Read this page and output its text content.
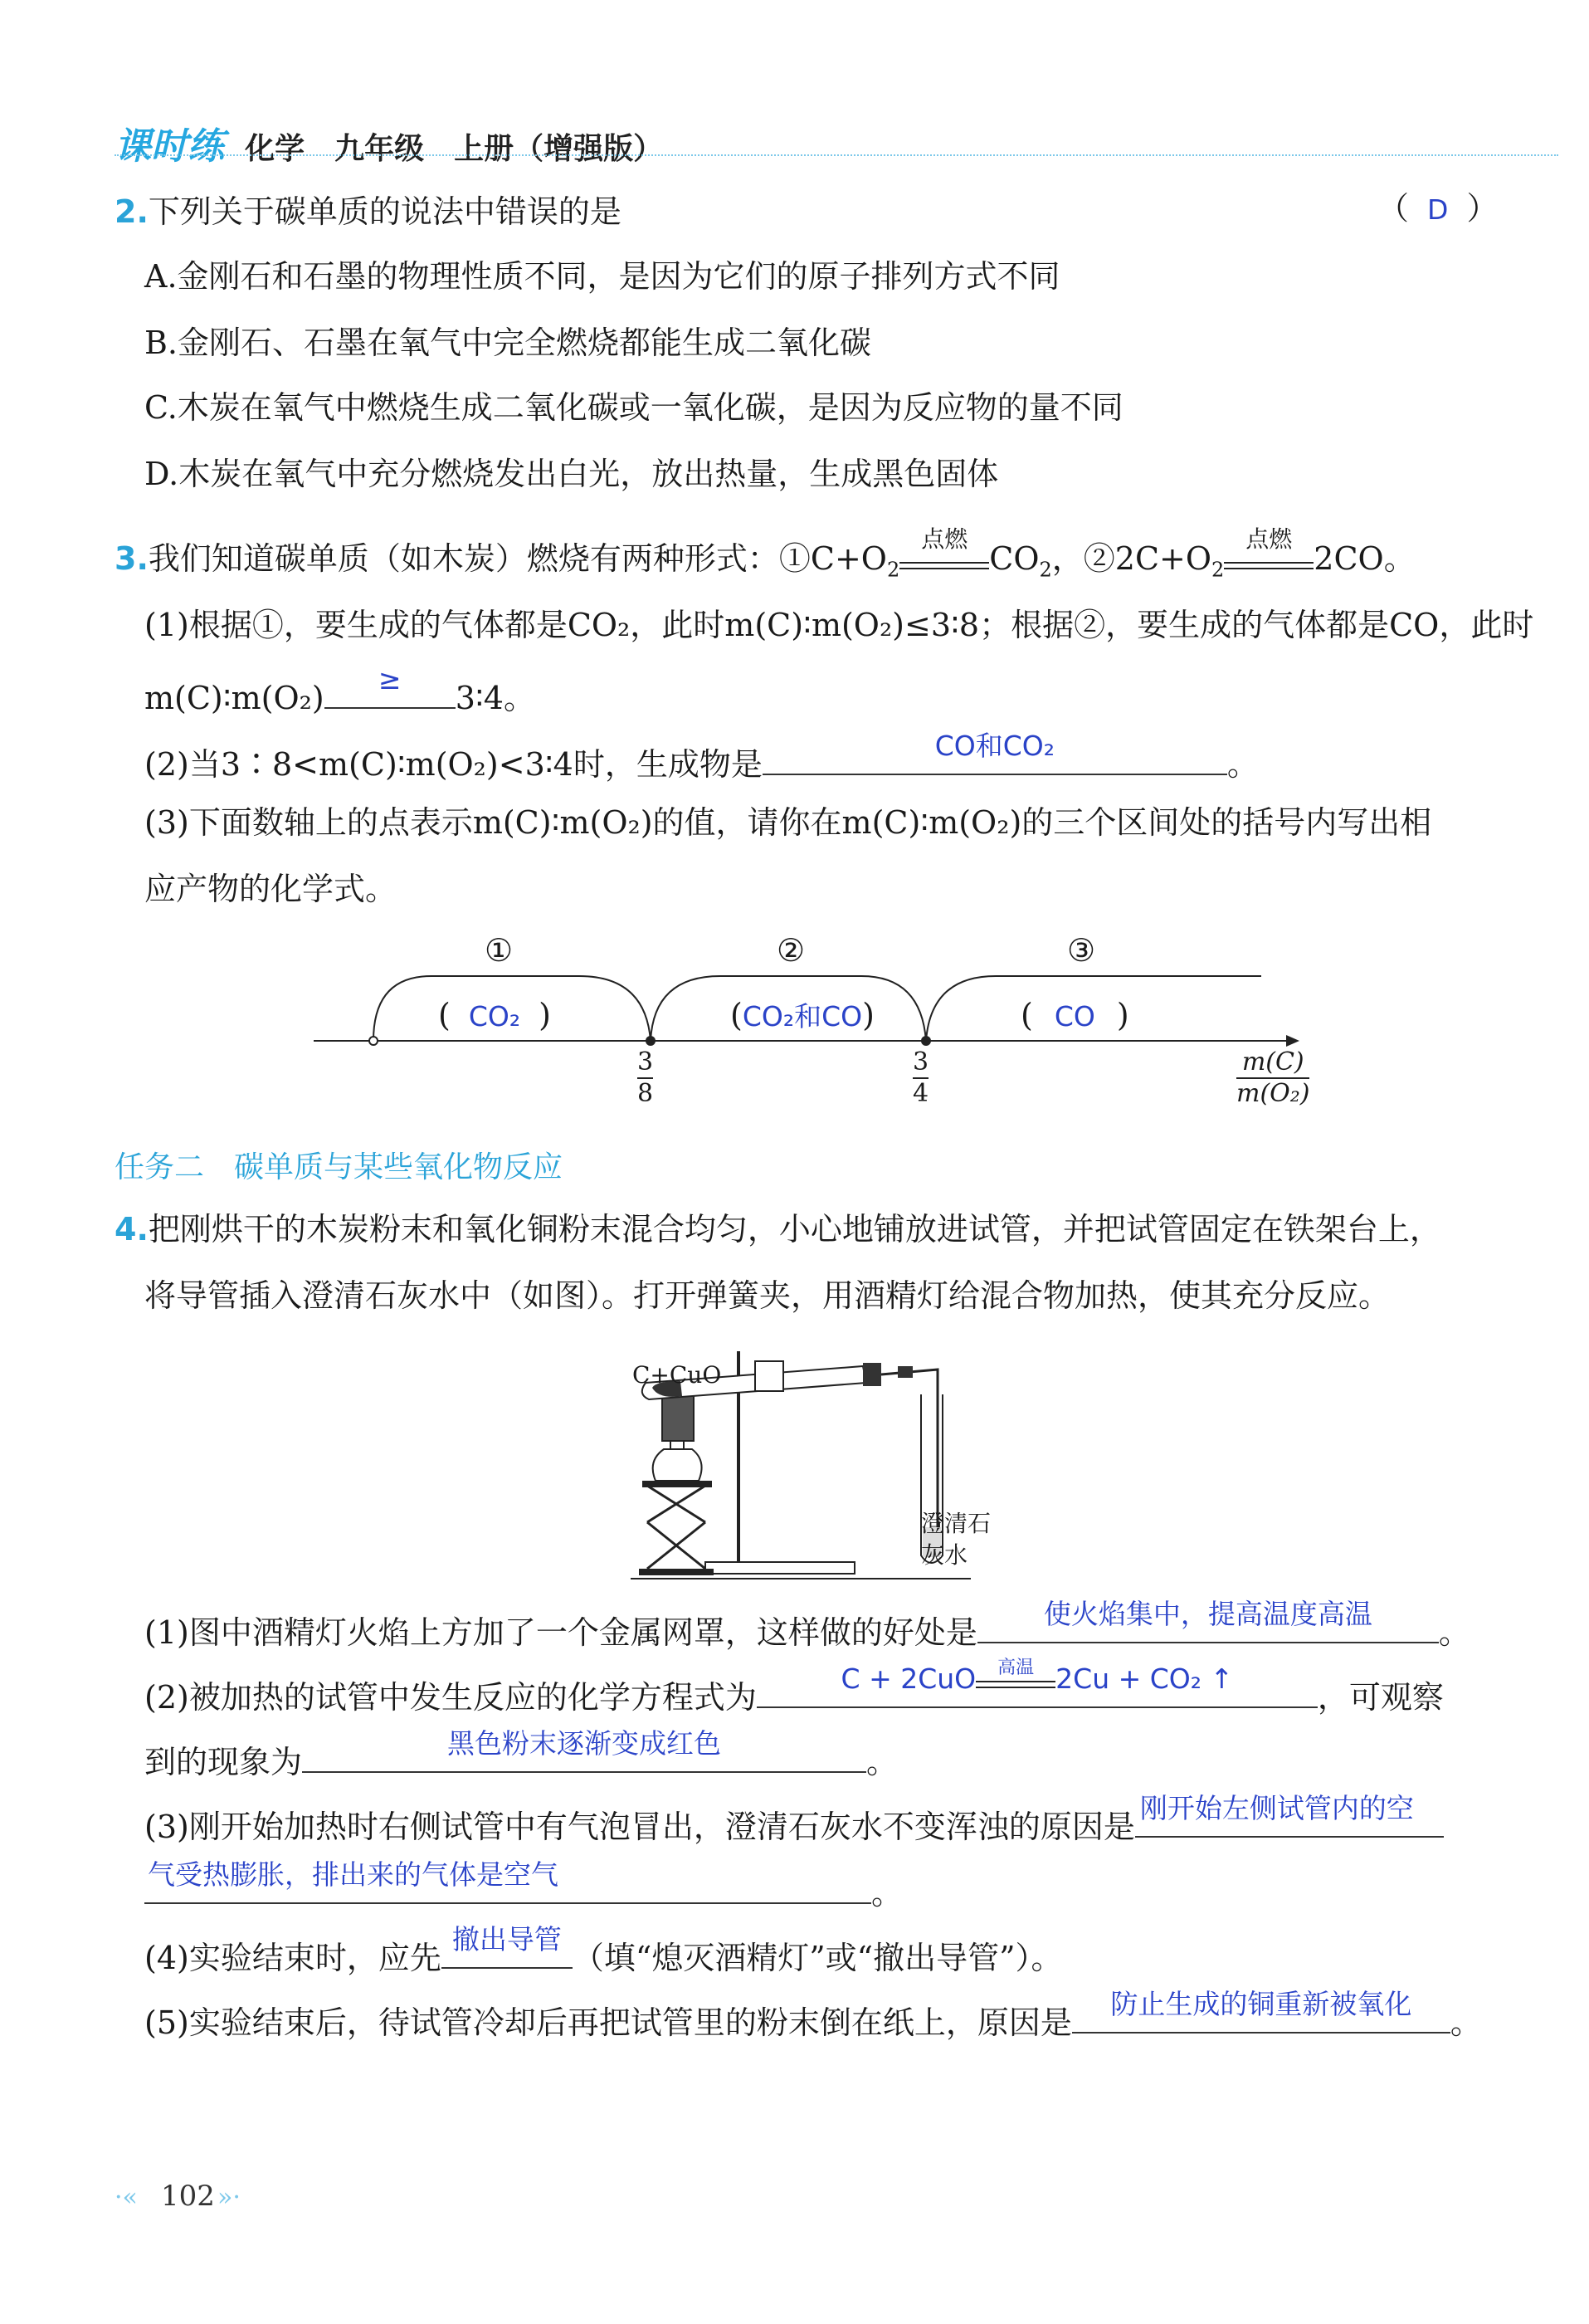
课时练 化学　九年级　上册（增强版）
2.下列关于碳单质的说法中错误的是	（ D ）
A.金刚石和石墨的物理性质不同，是因为它们的原子排列方式不同
B.金刚石、石墨在氧气中完全燃烧都能生成二氧化碳
C.木炭在氧气中燃烧生成二氧化碳或一氧化碳，是因为反应物的量不同
D.木炭在氧气中充分燃烧发出白光，放出热量，生成黑色固体
3.我们知道碳单质（如木炭）燃烧有两种形式：$①C+O_2$
点燃
$CO_2$，$②2C+O_2$
点燃
2CO。
(1)根据①，要生成的气体都是CO₂，此时m(C)∶m(O₂)≤3∶8；根据②，要生成的气体都是CO，此时
m(C)∶m(O₂)
≥
3∶4。
(2)当3∶8<m(C)∶m(O₂)<3∶4时，生成物是
CO和CO₂
。
(3)下面数轴上的点表示m(C)∶m(O₂)的值，请你在m(C)∶m(O₂)的三个区间处的括号内写出相
应产物的化学式。
①	②	③
( CO₂ )	(CO₂和CO)	( CO )
$\frac{3}{8}$	$\frac{3}{4}$	$\frac{m(C)}{\text{m(O₂)}}$
任务二　碳单质与某些氧化物反应
4.把刚烘干的木炭粉末和氧化铜粉末混合均匀，小心地铺放进试管，并把试管固定在铁架台上，
将导管插入澄清石灰水中（如图）。打开弹簧夹，用酒精灯给混合物加热，使其充分反应。
C+CuO
澄清石
灰水
(1)图中酒精灯火焰上方加了一个金属网罩，这样做的好处是
使火焰集中，提高温度高温
。
(2)被加热的试管中发生反应的化学方程式为
C + 2CuO	高温 2Cu + CO₂ ↑
，可观察
到的现象为
黑色粉末逐渐变成红色
。
(3)刚开始加热时右侧试管中有气泡冒出，澄清石灰水不变浑浊的原因是
刚开始左侧试管内的空
气受热膨胀，排出来的气体是空气
。
(4)实验结束时，应先
撤出导管
（填“熄灭酒精灯”或“撤出导管”）。
(5)实验结束后，待试管冷却后再把试管里的粉末倒在纸上，原因是
防止生成的铜重新被氧化
。
·« 102 »·
